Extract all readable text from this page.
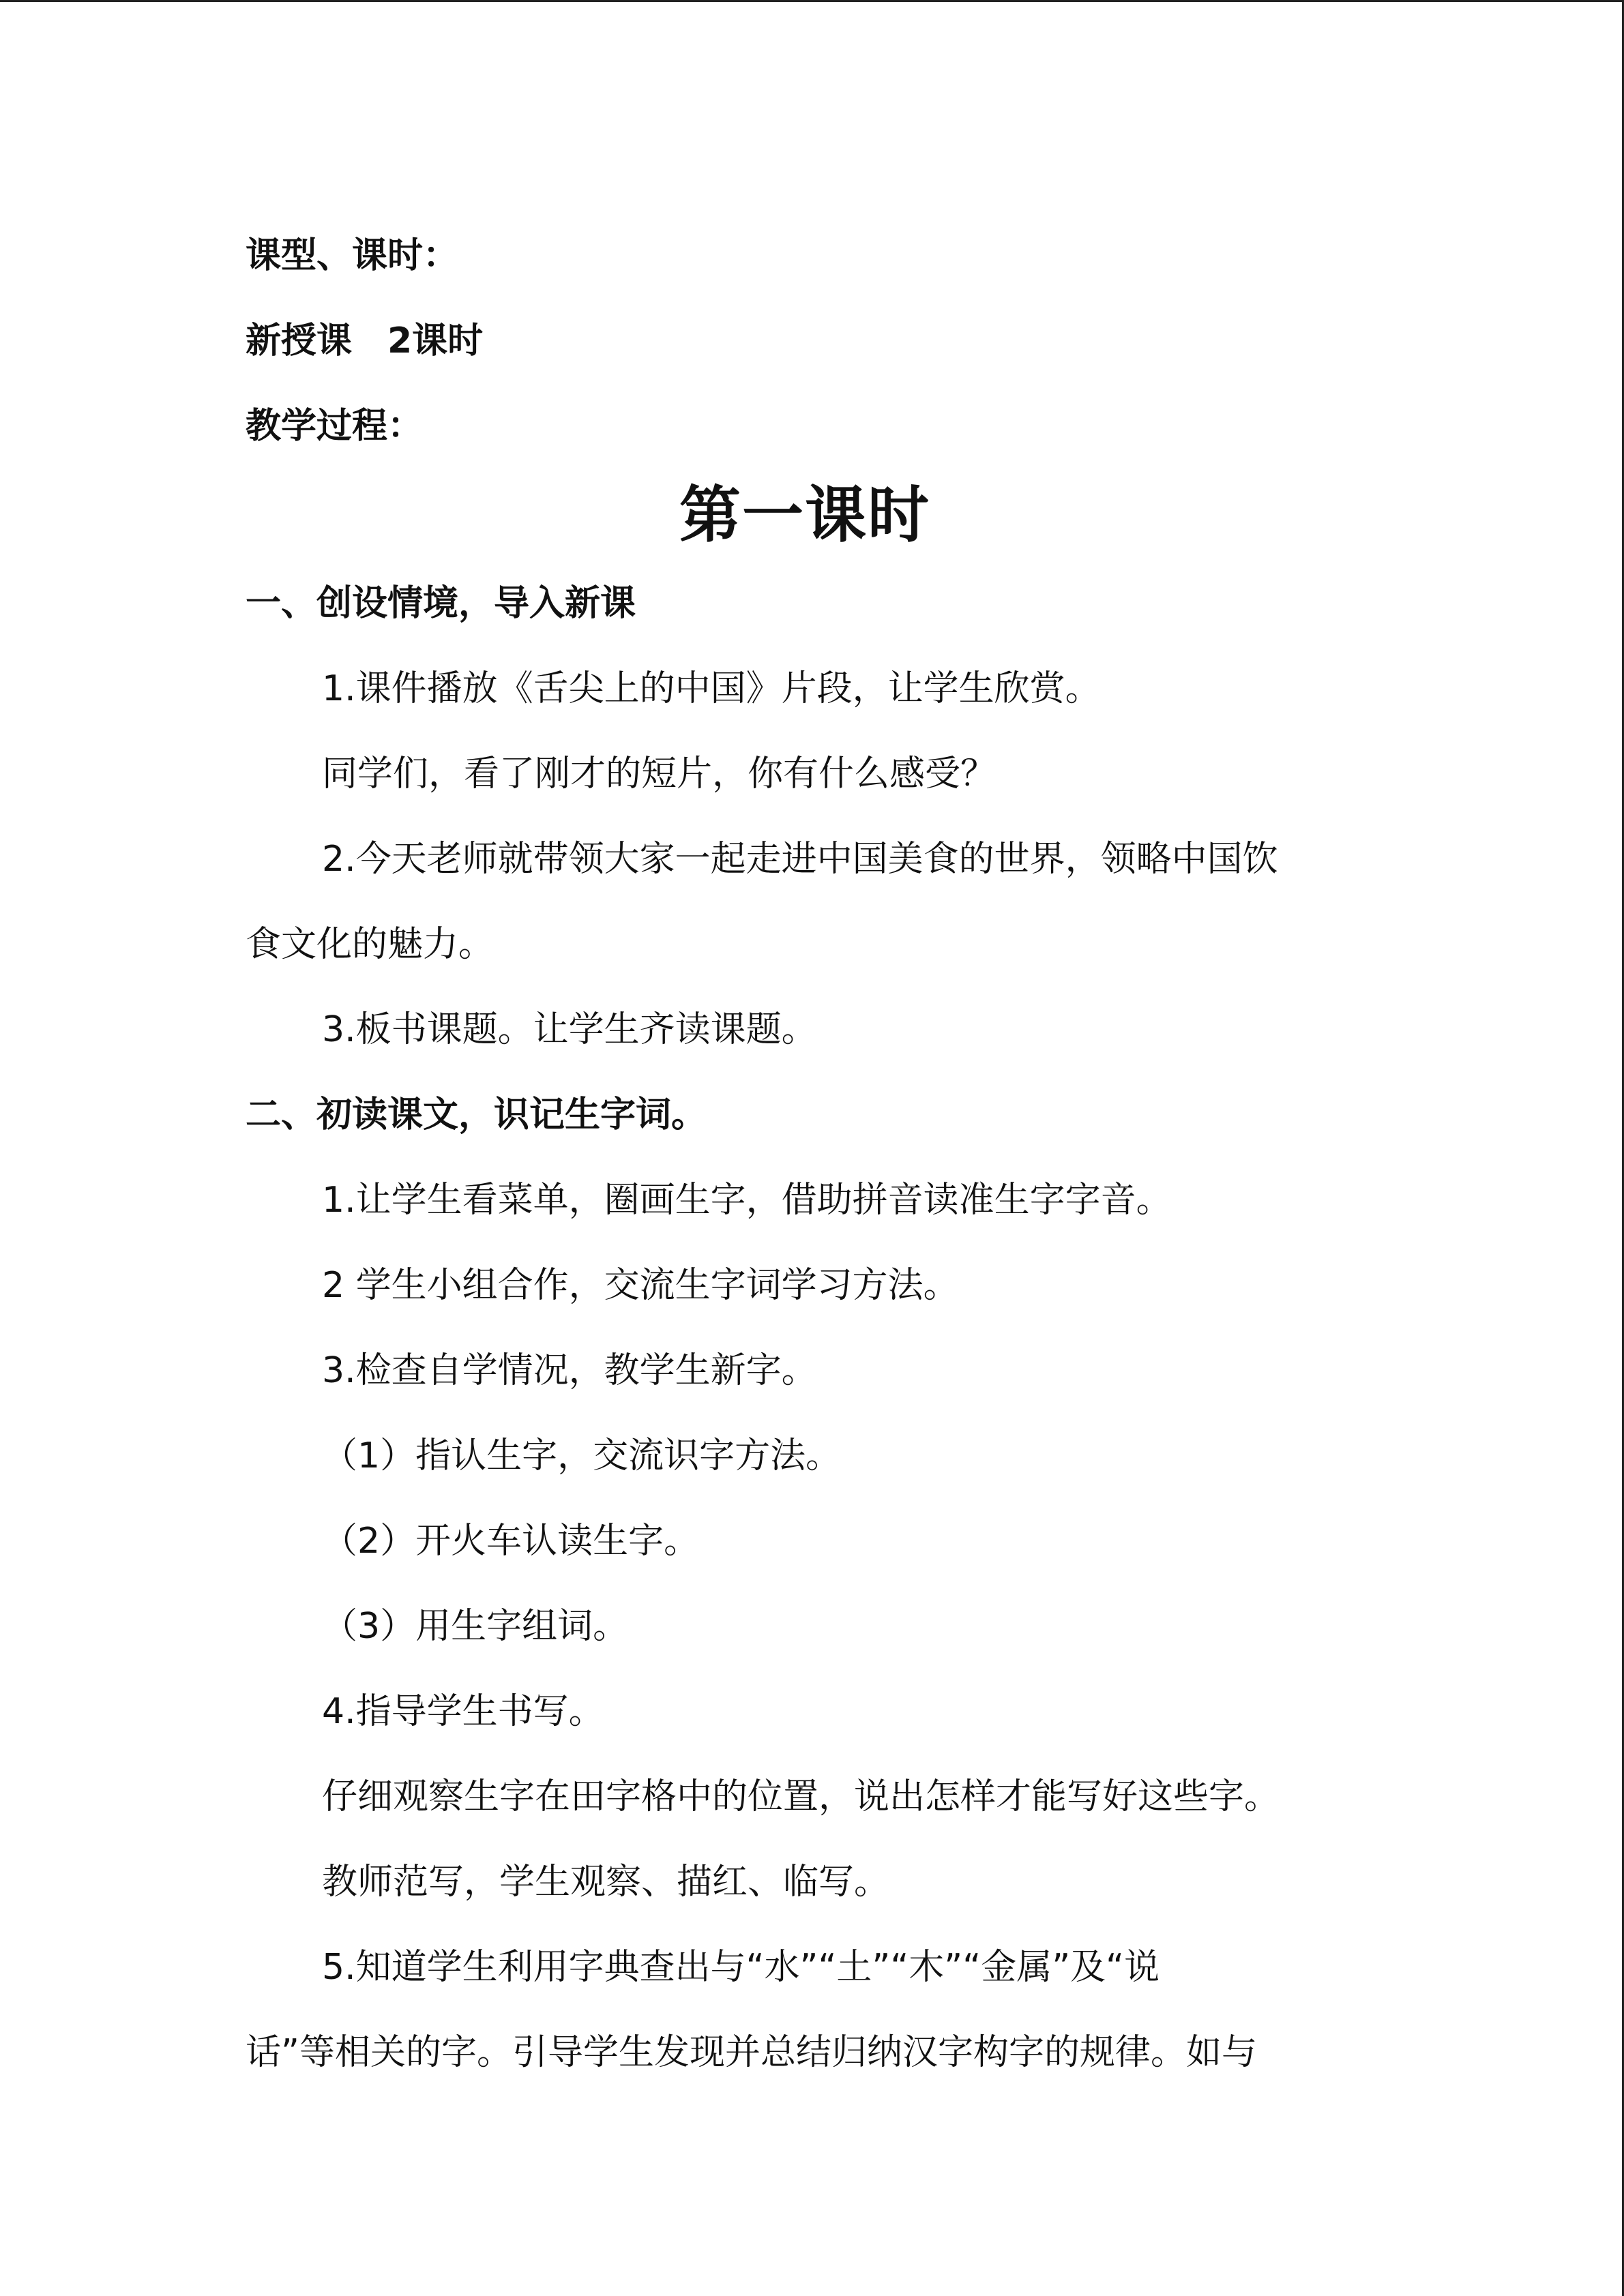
课型、课时：
新授课　2课时
教学过程：
第一课时
一、创设情境，导入新课
1.课件播放《舌尖上的中国》片段，让学生欣赏。
同学们，看了刚才的短片，你有什么感受？
2.今天老师就带领大家一起走进中国美食的世界，领略中国饮
食文化的魅力。
3.板书课题。让学生齐读课题。
二、初读课文，识记生字词。
1.让学生看菜单，圈画生字，借助拼音读准生字字音。
2 学生小组合作，交流生字词学习方法。
3.检查自学情况，教学生新字。
（1）指认生字，交流识字方法。
（2）开火车认读生字。
（3）用生字组词。
4.指导学生书写。
仔细观察生字在田字格中的位置，说出怎样才能写好这些字。
教师范写，学生观察、描红、临写。
5.知道学生利用字典查出与“水”“土”“木”“金属”及“说
话”等相关的字。引导学生发现并总结归纳汉字构字的规律。如与
